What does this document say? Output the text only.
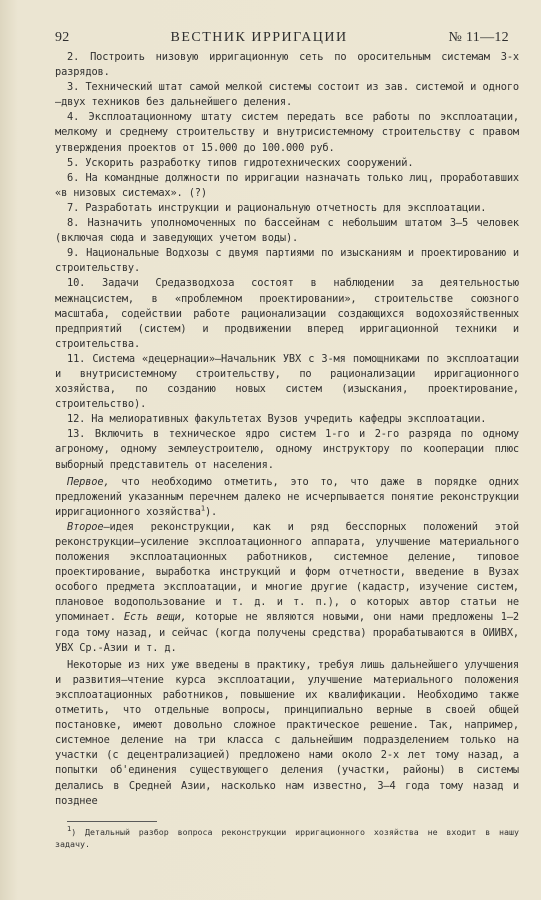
92	ВЕСТНИК ИРРИГАЦИИ	№ 11—12

2. Построить низовую ирригационную сеть по оросительным системам 3-х разрядов.

3. Технический штат самой мелкой системы состоит из зав. системой и одного—двух техников без дальнейшего деления.

4. Эксплоатационному штату систем передать все работы по эксплоатации, мелкому и среднему строительству и внутрисистемному строительству с правом утверждения проектов от 15.000 до 100.000 руб.

5. Ускорить разработку типов гидротехнических сооружений.

6. На командные должности по ирригации назначать только лиц, проработавших «в низовых системах». (?)

7. Разработать инструкции и рациональную отчетность для эксплоатации.

8. Назначить уполномоченных по бассейнам с небольшим штатом 3—5 человек (включая сюда и заведующих учетом воды).

9. Национальные Водхозы с двумя партиями по изысканиям и проектированию и строительству.

10. Задачи Средазводхоза состоят в наблюдении за деятельностью межнацсистем, в «проблемном проектировании», строительстве союзного масштаба, содействии работе рационализации создающихся водохозяйственных предприятий (систем) и продвижении вперед ирригационной техники и строительства.

11. Система «децернации»—Начальник УВХ с 3-мя помощниками по эксплоатации и внутрисистемному строительству, по рационализации ирригационного хозяйства, по созданию новых систем (изыскания, проектирование, строительство).

12. На мелиоративных факультетах Вузов учредить кафедры эксплоатации.

13. Включить в техническое ядро систем 1-го и 2-го разряда по одному агроному, одному землеустроителю, одному инструктору по кооперации плюс выборный представитель от населения.

Первое, что необходимо отметить, это то, что даже в порядке одних предложений указанным перечнем далеко не исчерпывается понятие реконструкции ирригационного хозяйства$^1$).

Второе—идея реконструкции, как и ряд бесспорных положений этой реконструкции—усиление эксплоатационного аппарата, улучшение материального положения эксплоатационных работников, системное деление, типовое проектирование, выработка инструкций и форм отчетности, введение в Вузах особого предмета эксплоатации, и многие другие (кадастр, изучение систем, плановое водопользование и т. д. и т. п.), о которых автор статьи не упоминает. Есть вещи, которые не являются новыми, они нами предложены 1—2 года тому назад, и сейчас (когда получены средства) прорабатываются в ОИИВХ, УВХ Ср.-Азии и т. д.

Некоторые из них уже введены в практику, требуя лишь дальнейшего улучшения и развития—чтение курса эксплоатации, улучшение материального положения эксплоатационных работников, повышение их квалификации. Необходимо также отметить, что отдельные вопросы, принципиально верные в своей общей постановке, имеют довольно сложное практическое решение. Так, например, системное деление на три класса с дальнейшим подразделением только на участки (с децентрализацией) предложено нами около 2-х лет тому назад, а попытки об'единения существующего деления (участки, районы) в системы делались в Средней Азии, насколько нам известно, 3—4 года тому назад и позднее

$^1$) Детальный разбор вопроса реконструкции ирригационного хозяйства не входит в нашу задачу.
